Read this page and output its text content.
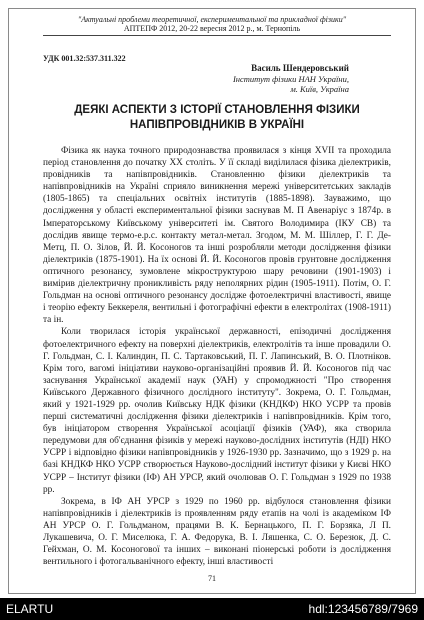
"Актуальні проблеми теоретичної, експериментальної та прикладної фізики"
АПТЕПФ 2012, 20-22 вересня 2012 р., м. Тернопіль
УДК 001.32:537.311.322
Василь Шендеровський
Інститут фізики НАН України,
м. Київ, Україна
ДЕЯКІ АСПЕКТИ З ІСТОРІЇ СТАНОВЛЕННЯ ФІЗИКИ НАПІВПРОВІДНИКІВ В УКРАЇНІ

Фізика як наука точного природознавства проявилася з кінця XVII та проходила період становлення до початку XX століть. У її складі виділилася фізика діелектриків, провідників та напівпровідників. Становленню фізики діелектриків та напівпровідників на Україні сприяло виникнення мережі університетських закладів (1805-1865) та спеціальних освітніх інститутів (1885-1898). Зауважимо, що дослідження у області експериментальної фізики заснував М. П Авенаріус з 1874р. в Імператорському Київському університеті ім. Святого Володимира (ІКУ СВ) та дослідив явище термо-е.р.с. контакту метал-метал. Згодом, М. М. Шіллер, Г. Г. Де-Метц, П. О. Зілов, Й. Й. Косоногов та інші розробляли методи дослідження фізики діелектриків (1875-1901). На їх основі Й. Й. Косоногов провів грунтовне дослідження оптичного резонансу, зумовлене мікроструктурою шару речовини (1901-1903) і вимірив діелектричну проникливість ряду неполярних рідин (1905-1911). Потім, О. Г. Гольдман на основі оптичного резонансу дослідже фотоелектричні властивості, явище і теорію ефекту Беккереля, вентильні і фотографічні ефекти в електролітах (1908-1911) та ін.

Коли творилася історія української державності, епізодичні дослідження фотоелектричного ефекту на поверхні діелектриків, електролітів та інше провадили О. Г. Гольдман, С. І. Калиндин, П. С. Тартаковський, П. Г. Лапинський, В. О. Плотніков. Крім того, вагомі ініціативи науково-організаційні проявив Й. Й. Косоногов під час заснування Української академії наук (УАН) у спромоджності "Про створення Київського Державного фізичного дослідного інституту". Зокрема, О. Г. Гольдман, який у 1921-1929 рр. очолив Київську НДК фізики (КНДКФ) НКО УСРР та провів перші систематичні дослідження фізики діелектриків і напівпровідників. Крім того, був ініціатором створення Української асоціації фізиків (УАФ), яка створила передумови для об'єднання фізиків у мережі науково-дослідних інститутів (НДІ) НКО УСРР і відповідно фізики напівпровідників у 1926-1930 рр. Зазначимо, що з 1929 р. на базі КНДКФ НКО УСРР створюється Науково-дослідний інститут фізики у Києві НКО УСРР – Інститут фізики (ІФ) АН УРСР, який очолював О. Г. Гольдман з 1929 по 1938 рр.

Зокрема, в ІФ АН УРСР з 1929 по 1960 рр. відбулося становлення фізики напівпровідників і діелектриків із проявленням ряду етапів на чолі із академіком ІФ АН УРСР О. Г. Гольдманом, працями В. К. Бернацького, П. Г. Борзяка, Л П. Лукашевича, О. Г. Миселюка, Г. А. Федорука, В. І. Ляшенка, С. О. Березюк, Д. С. Гейхман, О. М. Косоногової та інших – виконані піонерські роботи із дослідження вентильного і фотогальванічного ефекту, інші властивості

71
ELARTU	hdl:123456789/7969
